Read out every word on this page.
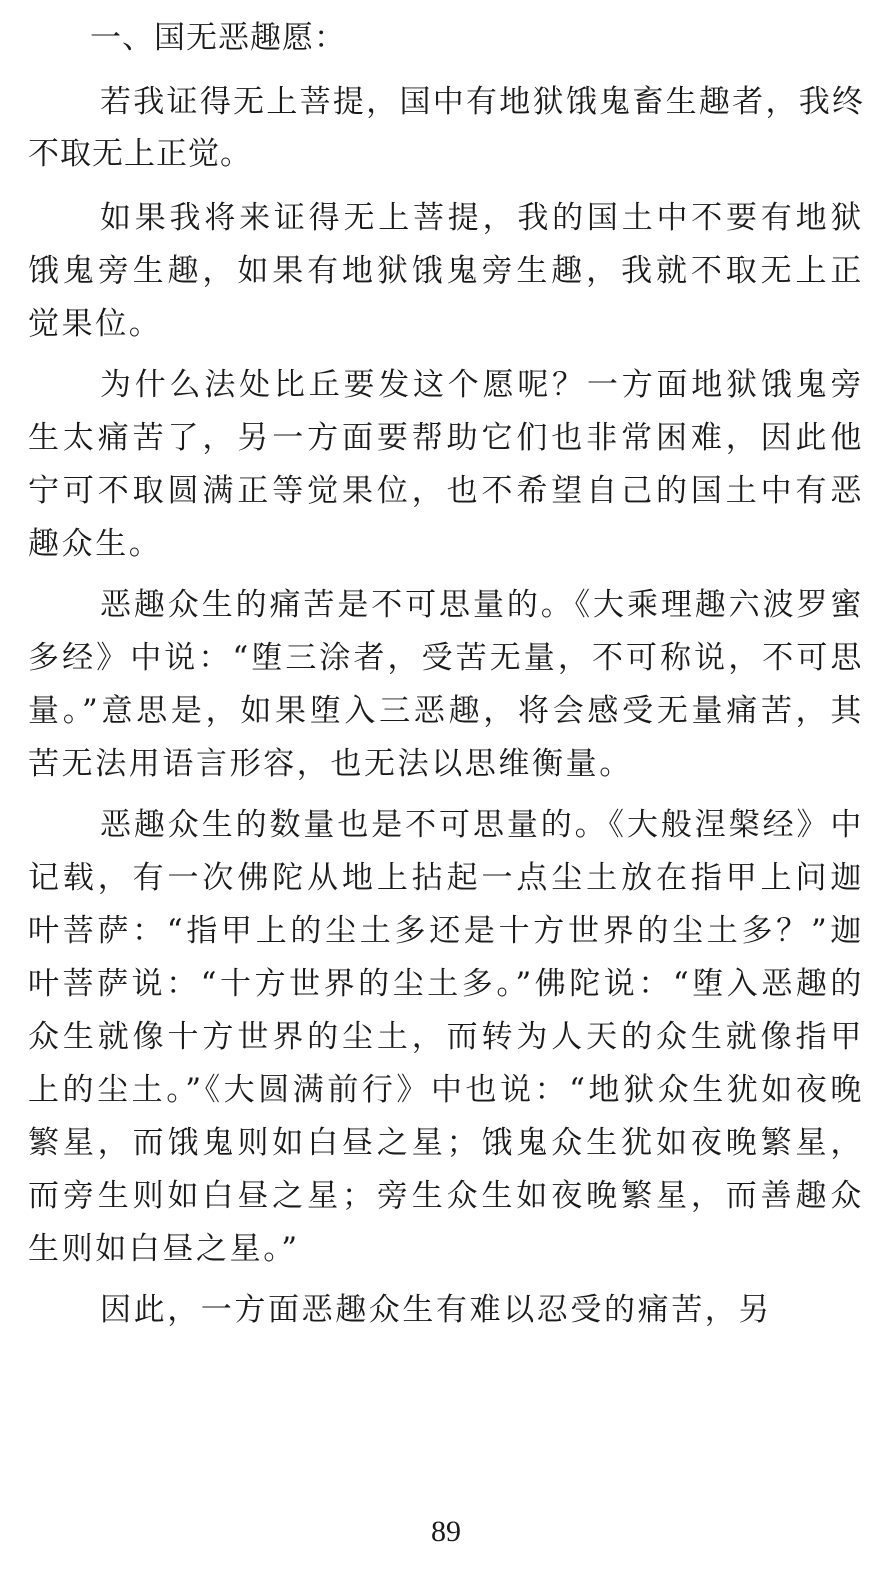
一、国无恶趣愿：

若我证得无上菩提，国中有地狱饿鬼畜生趣者，我终不取无上正觉。

如果我将来证得无上菩提，我的国土中不要有地狱饿鬼旁生趣，如果有地狱饿鬼旁生趣，我就不取无上正觉果位。

为什么法处比丘要发这个愿呢？一方面地狱饿鬼旁生太痛苦了，另一方面要帮助它们也非常困难，因此他宁可不取圆满正等觉果位，也不希望自己的国土中有恶趣众生。

恶趣众生的痛苦是不可思量的。《大乘理趣六波罗蜜多经》中说：“堕三涂者，受苦无量，不可称说，不可思量。”意思是，如果堕入三恶趣，将会感受无量痛苦，其苦无法用语言形容，也无法以思维衡量。

恶趣众生的数量也是不可思量的。《大般涅槃经》中记载，有一次佛陀从地上拈起一点尘土放在指甲上问迦叶菩萨：“指甲上的尘土多还是十方世界的尘土多？”迦叶菩萨说：“十方世界的尘土多。”佛陀说：“堕入恶趣的众生就像十方世界的尘土，而转为人天的众生就像指甲上的尘土。”《大圆满前行》中也说：“地狱众生犹如夜晚繁星，而饿鬼则如白昼之星；饿鬼众生犹如夜晚繁星，而旁生则如白昼之星；旁生众生如夜晚繁星，而善趣众生则如白昼之星。”

因此，一方面恶趣众生有难以忍受的痛苦，另

89
